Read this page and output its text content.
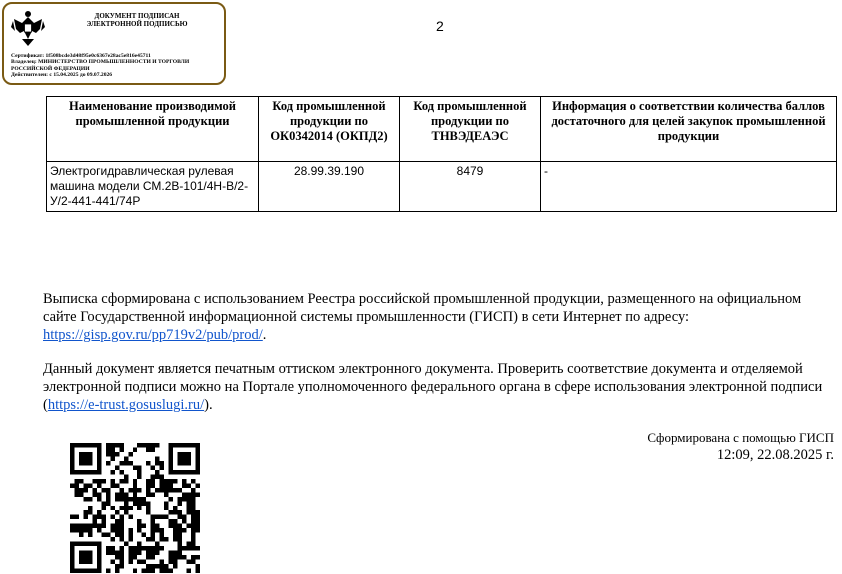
ДОКУМЕНТ ПОДПИСАН
ЭЛЕКТРОННОЙ ПОДПИСЬЮ
Сертификат: 1f508bcde3d48f95e0c6367e28ac5e816e45711
Владелец: МИНИСТЕРСТВО ПРОМЫШЛЕННОСТИ И ТОРГОВЛИ РОССИЙСКОЙ ФЕДЕРАЦИИ
Действителен: с 15.04.2025 до 09.07.2026
2
Наименование производимой промышленной продукции	Код промышленной продукции по ОК0342014 (ОКПД2)	Код промышленной продукции по ТНВЭДЕАЭС	Информация о соответствии количества баллов достаточного для целей закупок промышленной продукции
Электрогидравлическая рулевая машина модели СМ.2В-101/4Н-В/2-У/2-441-441/74Р	28.99.39.190	8479	-
Выписка сформирована с использованием Реестра российской промышленной продукции, размещенного на официальном сайте Государственной информационной системы промышленности (ГИСП) в сети Интернет по адресу: https://gisp.gov.ru/pp719v2/pub/prod/.
Данный документ является печатным оттиском электронного документа. Проверить соответствие документа и отделяемой электронной подписи можно на Портале уполномоченного федерального органа в сфере использования электронной подписи (https://e-trust.gosuslugi.ru/).
Сформирована с помощью ГИСП
12:09, 22.08.2025 г.
